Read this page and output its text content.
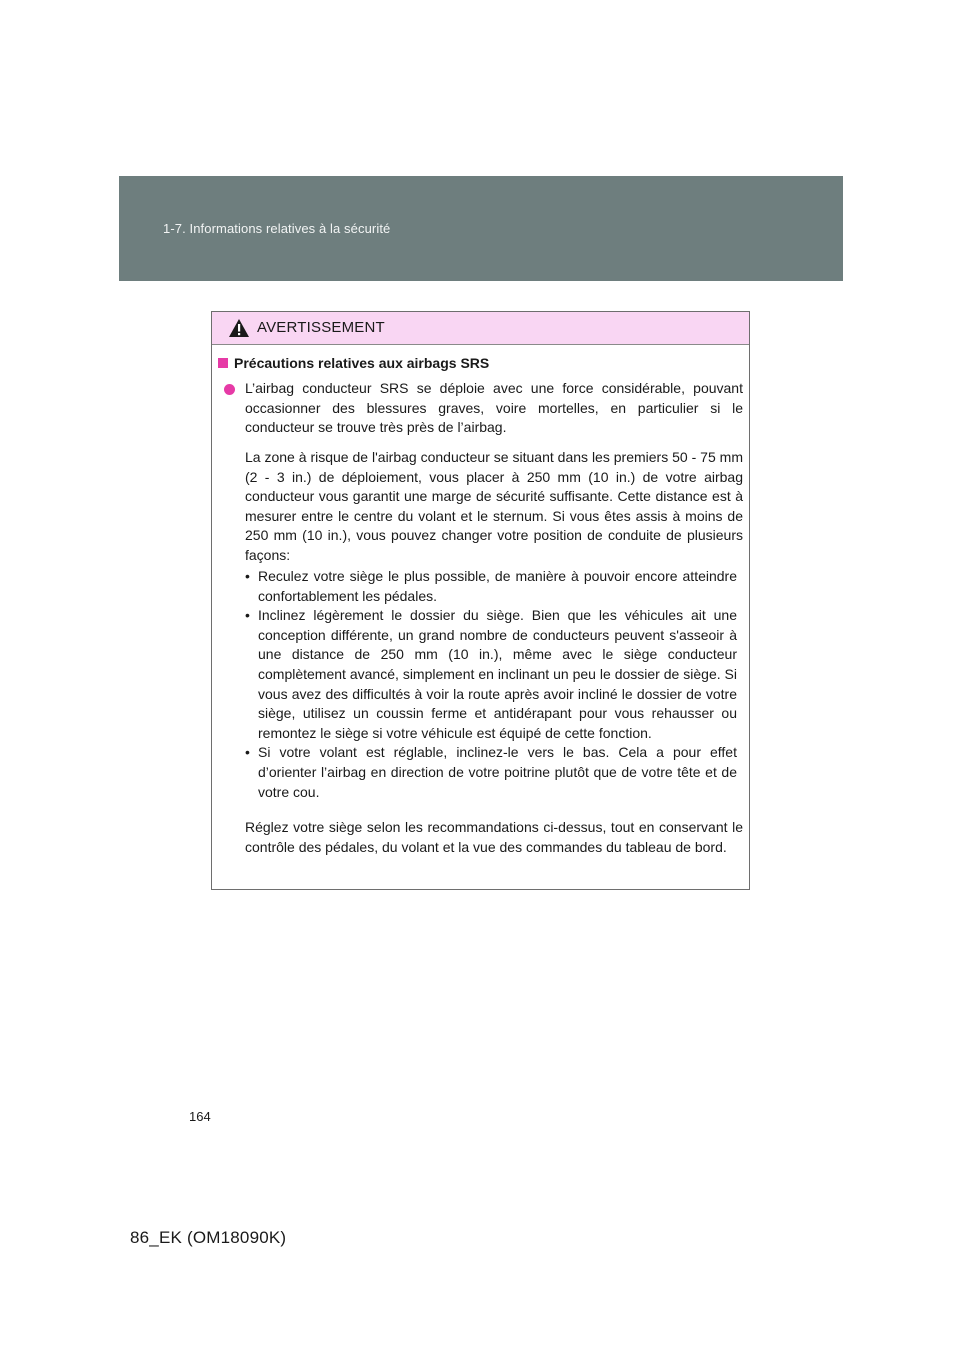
1-7. Informations relatives à la sécurité
AVERTISSEMENT
Précautions relatives aux airbags SRS
L’airbag conducteur SRS se déploie avec une force considérable, pouvant occasionner des blessures graves, voire mortelles, en particulier si le conducteur se trouve très près de l’airbag.
La zone à risque de l'airbag conducteur se situant dans les premiers 50 - 75 mm (2 - 3 in.) de déploiement, vous placer à 250 mm (10 in.) de votre airbag conducteur vous garantit une marge de sécurité suffisante. Cette distance est à mesurer entre le centre du volant et le sternum. Si vous êtes assis à moins de 250 mm (10 in.), vous pouvez changer votre position de conduite de plusieurs façons:
• Reculez votre siège le plus possible, de manière à pouvoir encore atteindre confortablement les pédales.
• Inclinez légèrement le dossier du siège. Bien que les véhicules ait une conception différente, un grand nombre de conducteurs peuvent s'asseoir à une distance de 250 mm (10 in.), même avec le siège conducteur complètement avancé, simplement en inclinant un peu le dossier de siège. Si vous avez des difficultés à voir la route après avoir incliné le dossier de votre siège, utilisez un coussin ferme et antidérapant pour vous rehausser ou remontez le siège si votre véhicule est équipé de cette fonction.
• Si votre volant est réglable, inclinez-le vers le bas. Cela a pour effet d’orienter l’airbag en direction de votre poitrine plutôt que de votre tête et de votre cou.
Réglez votre siège selon les recommandations ci-dessus, tout en conservant le contrôle des pédales, du volant et la vue des commandes du tableau de bord.
164
86_EK (OM18090K)
